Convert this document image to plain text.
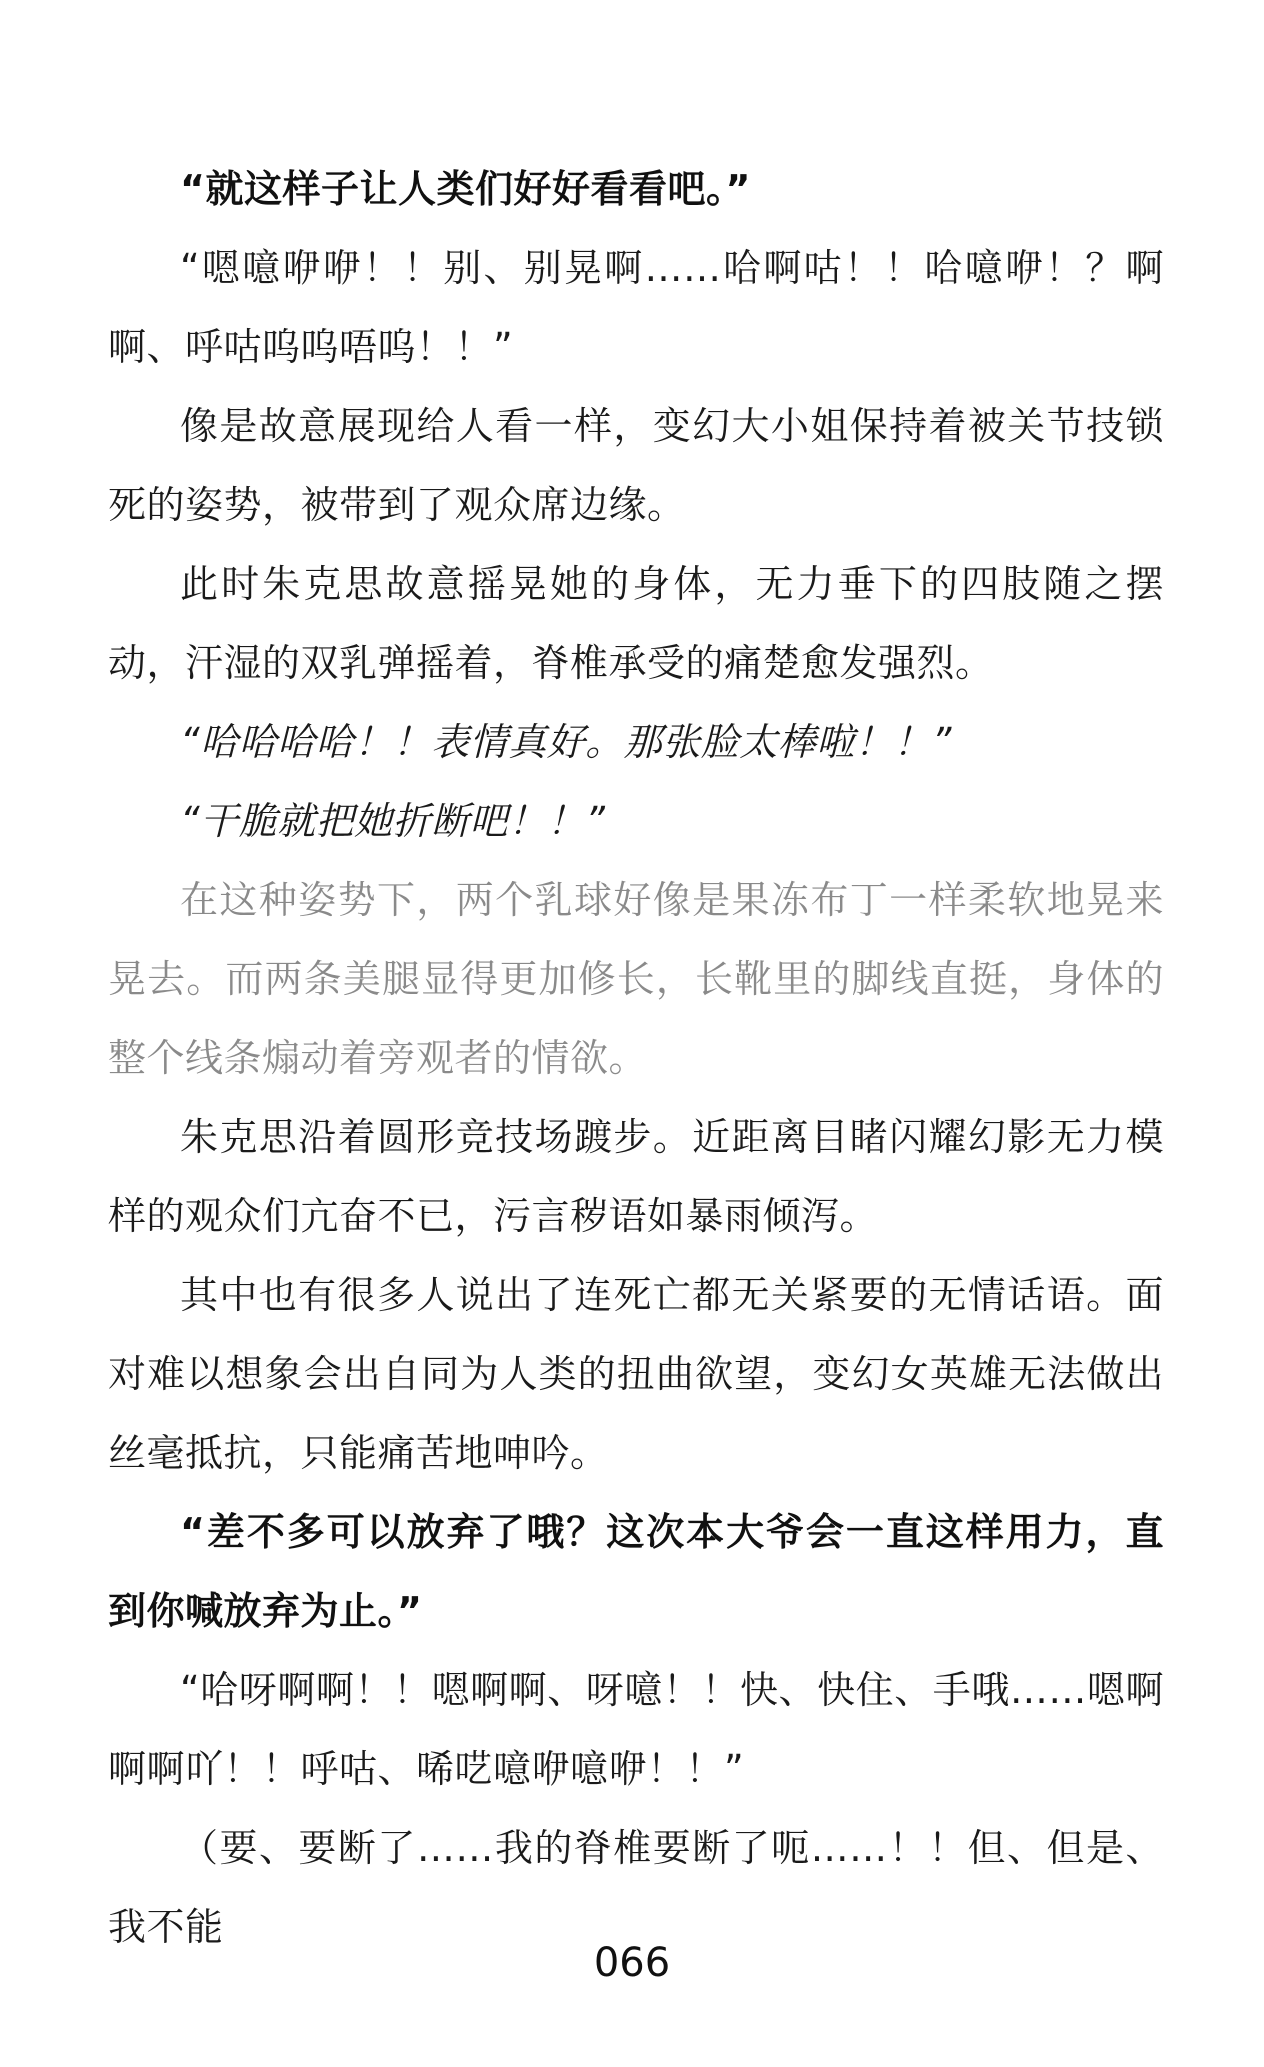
“就这样子让人类们好好看看吧。”

“嗯噫咿咿！！别、别晃啊……哈啊咕！！哈噫咿！？啊啊、呼咕呜呜唔呜！！”

像是故意展现给人看一样，变幻大小姐保持着被关节技锁死的姿势，被带到了观众席边缘。

此时朱克思故意摇晃她的身体，无力垂下的四肢随之摆动，汗湿的双乳弹摇着，脊椎承受的痛楚愈发强烈。

“哈哈哈哈！！表情真好。那张脸太棒啦！！”

“干脆就把她折断吧！！”

在这种姿势下，两个乳球好像是果冻布丁一样柔软地晃来晃去。而两条美腿显得更加修长，长靴里的脚线直挺，身体的整个线条煽动着旁观者的情欲。

朱克思沿着圆形竞技场踱步。近距离目睹闪耀幻影无力模样的观众们亢奋不已，污言秽语如暴雨倾泻。

其中也有很多人说出了连死亡都无关紧要的无情话语。面对难以想象会出自同为人类的扭曲欲望，变幻女英雄无法做出丝毫抵抗，只能痛苦地呻吟。

“差不多可以放弃了哦？这次本大爷会一直这样用力，直到你喊放弃为止。”

“哈呀啊啊！！嗯啊啊、呀噫！！快、快住、手哦……嗯啊啊啊吖！！呼咕、唏呓噫咿噫咿！！”

（要、要断了……我的脊椎要断了呃……！！但、但是、我不能

066
